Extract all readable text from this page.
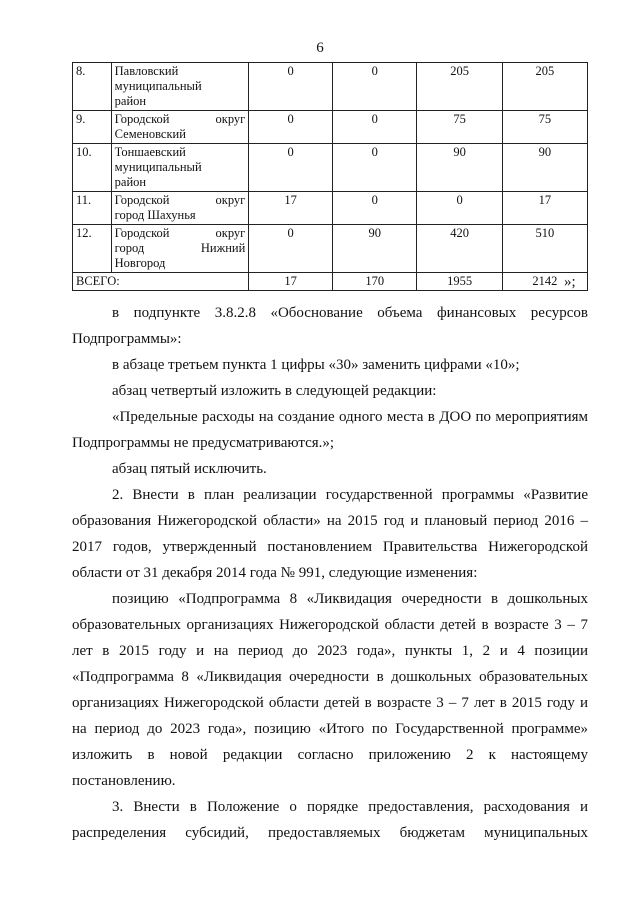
6
8.	Павловский
муниципальный
район	0	0	205	205
9.	Городской округ
Семеновский	0	0	75	75
10.	Тоншаевский
муниципальный
район	0	0	90	90
11.	Городской округ
город Шахунья	17	0	0	17
12.	Городской округ
город Нижний
Новгород	0	90	420	510
ВСЕГО:		17	170	1955	2142 »;

в подпункте 3.8.2.8 «Обоснование объема финансовых ресурсов Подпрограммы»:

в абзаце третьем пункта 1 цифры «30» заменить цифрами «10»;

абзац четвертый изложить в следующей редакции:

«Предельные расходы на создание одного места в ДОО по мероприятиям Подпрограммы не предусматриваются.»;

абзац пятый исключить.

2. Внести в план реализации государственной программы «Развитие образования Нижегородской области» на 2015 год и плановый период 2016 – 2017 годов, утвержденный постановлением Правительства Нижегородской области от 31 декабря 2014 года № 991, следующие изменения:

позицию «Подпрограмма 8 «Ликвидация очередности в дошкольных образовательных организациях Нижегородской области детей в возрасте 3 – 7 лет в 2015 году и на период до 2023 года», пункты 1, 2 и 4 позиции «Подпрограмма 8 «Ликвидация очередности в дошкольных образовательных организациях Нижегородской области детей в возрасте 3 – 7 лет в 2015 году и на период до 2023 года», позицию «Итого по Государственной программе» изложить в новой редакции согласно приложению 2 к настоящему постановлению.

3. Внести в Положение о порядке предоставления, расходования и распределения субсидий, предоставляемых бюджетам муниципальных
